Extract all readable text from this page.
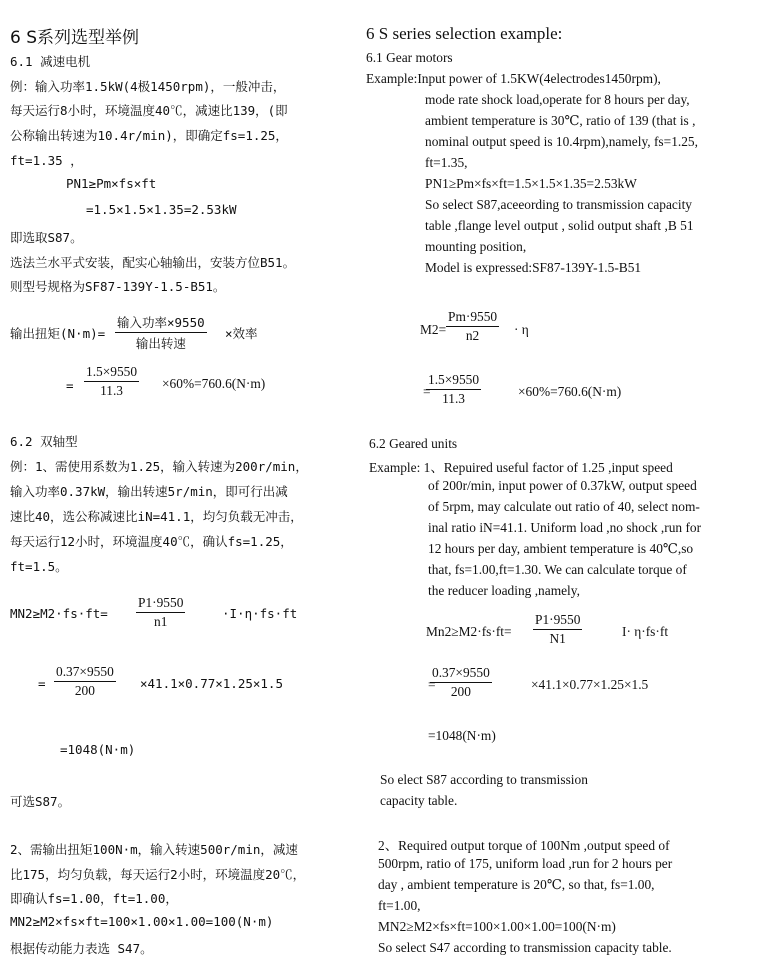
6 S系列选型举例
6.1 减速电机
例：输入功率1.5kW(4极1450rpm)，一般冲击，
每天运行8小时，环境温度40℃，减速比139，(即
公称输出转速为10.4r/min)，即确定fs=1.25，
ft=1.35 ，
PN1≥Pm×fs×ft
=1.5×1.5×1.35=2.53kW
即选取S87。
选法兰水平式安装，配实心轴输出，安装方位B51。
则型号规格为SF87-139Y-1.5-B51。
输出扭矩(N·m)=
输入功率×9550
输出转速
×效率
= $\frac{1.5\times 9550}{11.3} \times 60\%=760.6(N\cdot m)$
6.2 双轴型
例：1、需使用系数为1.25，输入转速为200r/min，
输入功率0.37kW，输出转速5r/min，即可行出减
速比40，选公称减速比iN=41.1，均匀负载无冲击，
每天运行12小时，环境温度40℃，确认fs=1.25，
ft=1.5。
$MN2\ge M2\cdot fs\cdot ft= \frac{P1\cdot 9550}{n1}$	·I·η·fs·ft
= $\frac{0.37\times 9550}{200} \times 41.1\times 0.77\times 1.25\times 1.5$
=1048(N·m)
可选S87。
2、需输出扭矩100N·m，输入转速500r/min，减速
比175，均匀负载，每天运行2小时，环境温度20℃，
即确认fs=1.00，ft=1.00，
MN2≥M2×fs×ft=100×1.00×1.00=100(N·m)
根据传动能力表选 S47。
6 S series selection example:
6.1 Gear motors
Example:Input power of 1.5KW(4electrodes1450rpm),
mode rate shock load,operate for 8 hours per day,
ambient temperature is 30℃, ratio of 139 (that is ,
nominal output speed is 10.4rpm),namely, fs=1.25,
ft=1.35,
PN1≥Pm×fs×ft=1.5×1.5×1.35=2.53kW
So select S87,aceeording to transmission capacity
table ,flange level output , solid output shaft ,B 51
mounting position,
Model is expressed:SF87-139Y-1.5-B51
$M2= \frac{Pm\cdot 9550}{n2} \cdot \eta$
=
$\frac{1.5\times 9550}{11.3}$	×60%=760.6(N·m)
6.2 Geared units
Example: 1、Repuired useful factor of 1.25 ,input speed
of 200r/min, input power of 0.37kW, output speed
of 5rpm, may calculate out ratio of 40, select nom-
inal ratio iN=41.1. Uniform load ,no shock ,run for
12 hours per day, ambient temperature is 40℃,so
that, fs=1.00,ft=1.30. We can calculate torque of
the reducer loading ,namely,
$Mn2\ge M2\cdot fs\cdot ft= \frac{P1\cdot 9550}{N1}$	I· η·fs·ft
=
$\frac{0.37\times 9550}{200}$	×41.1×0.77×1.25×1.5
=1048(N·m)
So elect S87 according to transmission
capacity table.
2、Required output torque of 100Nm ,output speed of
500rpm, ratio of 175, uniform load ,run for 2 hours per
day , ambient temperature is 20℃, so that, fs=1.00,
ft=1.00,
MN2≥M2×fs×ft=100×1.00×1.00=100(N·m)
So select S47 according to transmission capacity table.
